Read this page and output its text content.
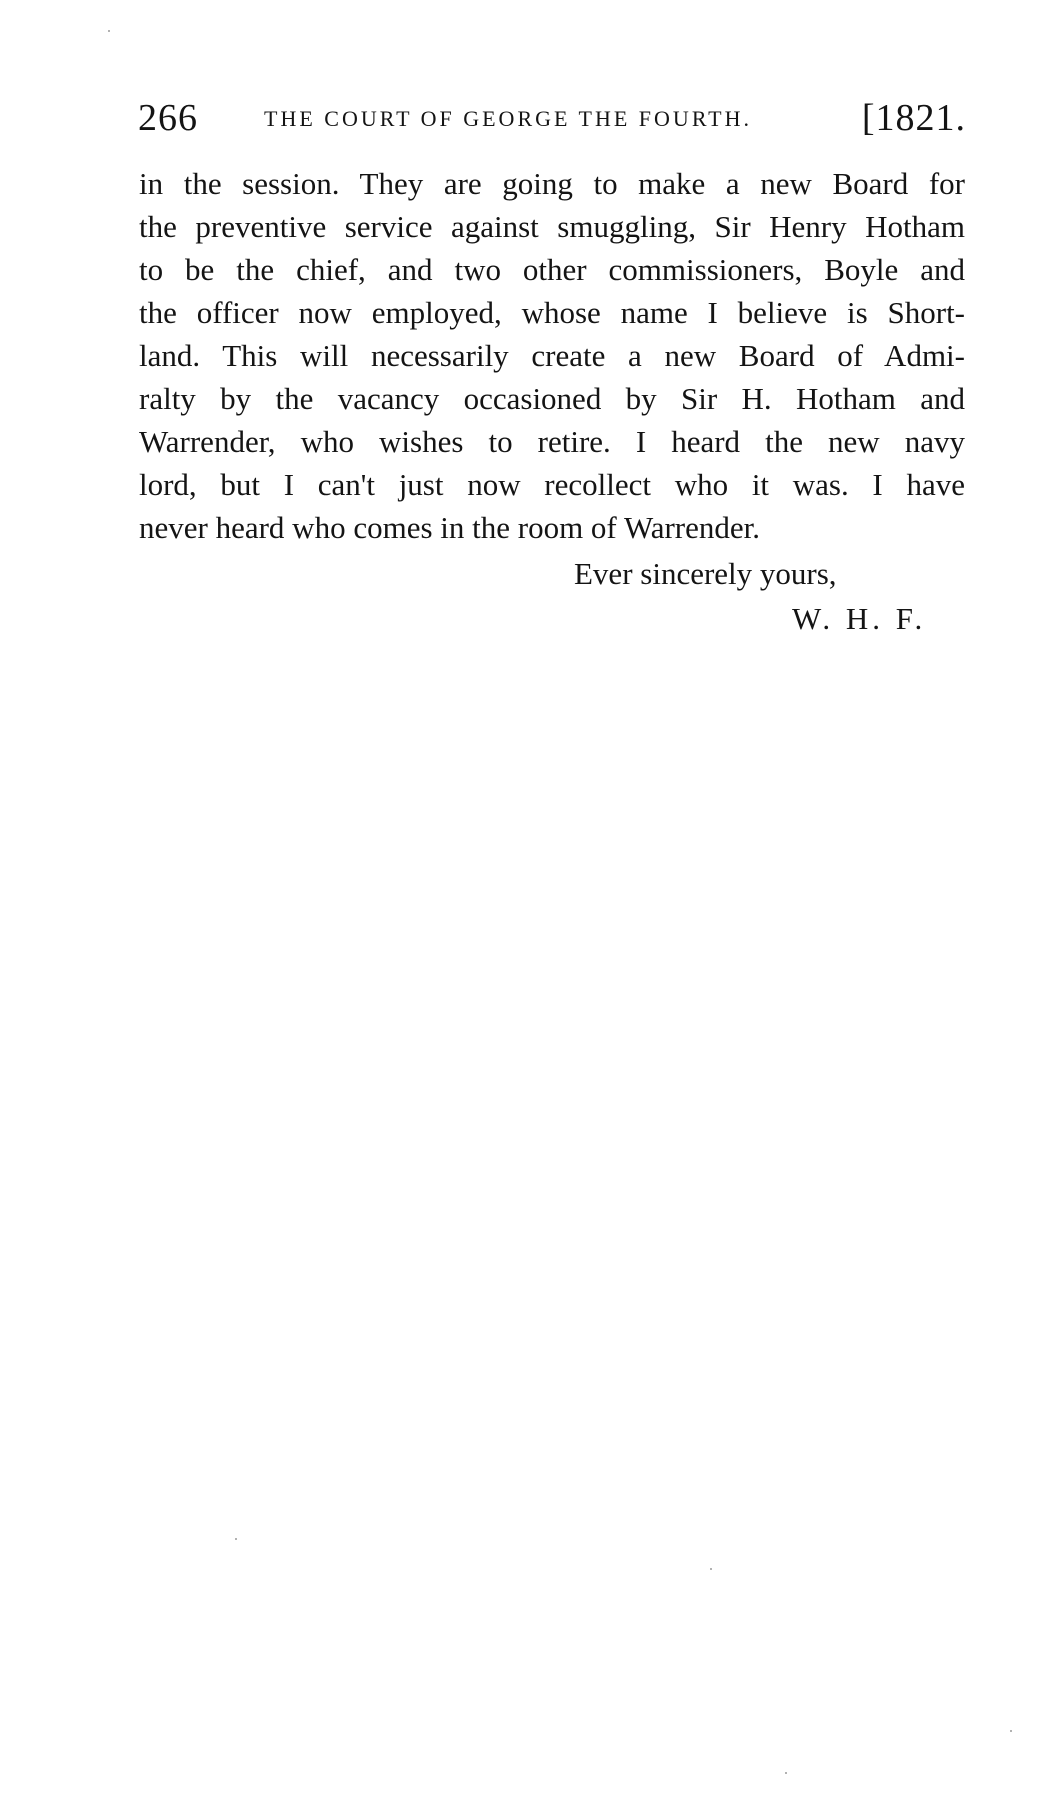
266	THE COURT OF GEORGE THE FOURTH.	[1821.
in the session. They are going to make a new Board for
the preventive service against smuggling, Sir Henry Hotham
to be the chief, and two other commissioners, Boyle and
the officer now employed, whose name I believe is Short-
land. This will necessarily create a new Board of Admi-
ralty by the vacancy occasioned by Sir H. Hotham and
Warrender, who wishes to retire. I heard the new navy
lord, but I can't just now recollect who it was. I have
never heard who comes in the room of Warrender.
Ever sincerely yours,
W. H. F.
